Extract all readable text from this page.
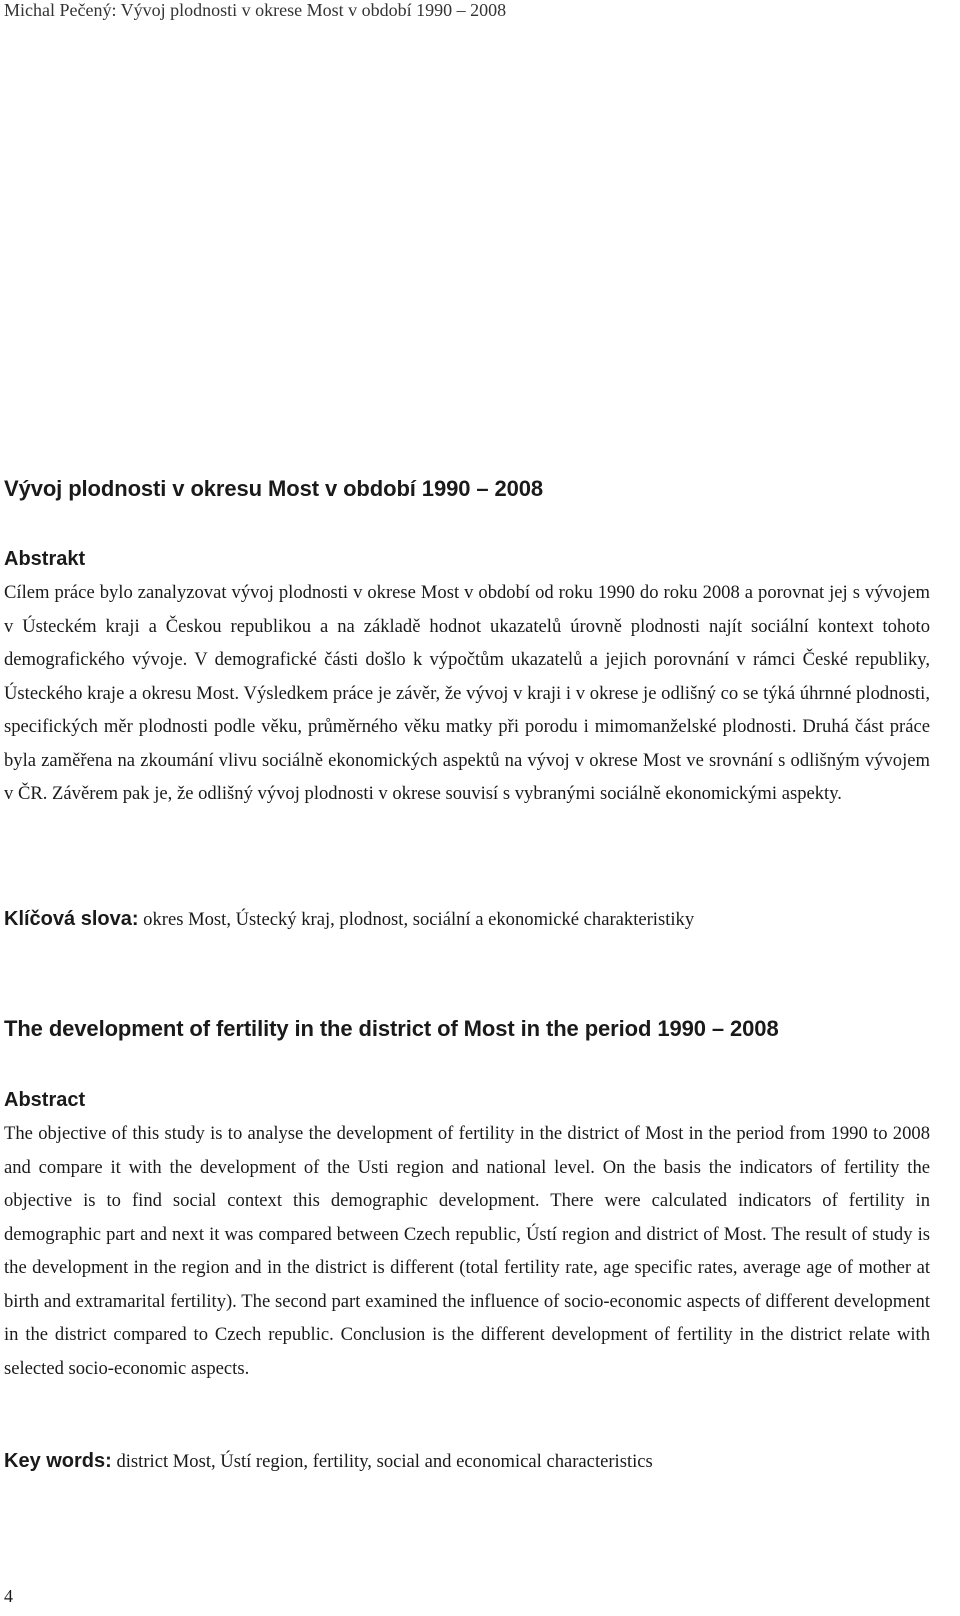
Michal Pečený: Vývoj plodnosti v okrese Most v období 1990 – 2008
Vývoj plodnosti v okresu Most v období 1990 – 2008
Abstrakt

Cílem práce bylo zanalyzovat vývoj plodnosti v okrese Most v období od roku 1990 do roku 2008 a porovnat jej s vývojem v Ústeckém kraji a Českou republikou a na základě hodnot ukazatelů úrovně plodnosti najít sociální kontext tohoto demografického vývoje. V demografické části došlo k výpočtům ukazatelů a jejich porovnání v rámci České republiky, Ústeckého kraje a okresu Most. Výsledkem práce je závěr, že vývoj v kraji i v okrese je odlišný co se týká úhrnné plodnosti, specifických měr plodnosti podle věku, průměrného věku matky při porodu i mimomanželské plodnosti. Druhá část práce byla zaměřena na zkoumání vlivu sociálně ekonomických aspektů na vývoj v okrese Most ve srovnání s odlišným vývojem v ČR. Závěrem pak je, že odlišný vývoj plodnosti v okrese souvisí s vybranými sociálně ekonomickými aspekty.

Klíčová slova: okres Most, Ústecký kraj, plodnost, sociální a ekonomické charakteristiky

The development of fertility in the district of Most in the period 1990 – 2008
Abstract

The objective of this study is to analyse the development of fertility in the district of Most in the period from 1990 to 2008 and compare it with the development of the Usti region and national level. On the basis the indicators of fertility the objective is to find social context this demographic development. There were calculated indicators of fertility in demographic part and next it was compared between Czech republic, Ústí region and district of Most. The result of study is the development in the region and in the district is different (total fertility rate, age specific rates, average age of mother at birth and extramarital fertility). The second part examined the influence of socio-economic aspects of different development in the district compared to Czech republic. Conclusion is the different development of fertility in the district relate with selected socio-economic aspects.

Key words: district Most, Ústí region, fertility, social and economical characteristics

4
